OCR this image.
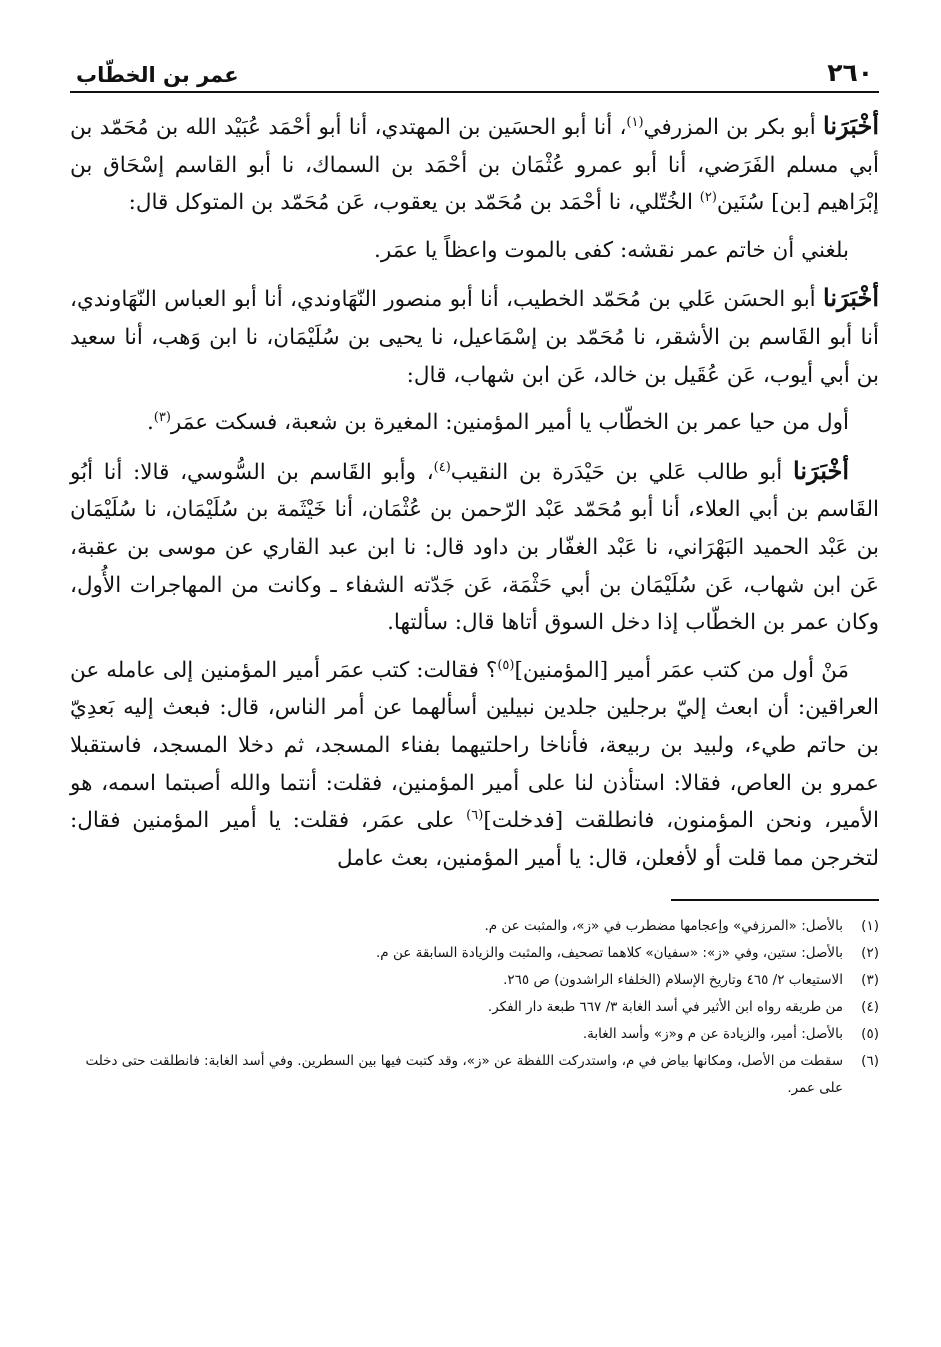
٢٦٠
عمر بن الخطّاب

أخْبَرَنا أبو بكر بن المزرفي$^{(١)}$، أنا أبو الحسَين بن المهتدي، أنا أبو أحْمَد عُبَيْد الله بن مُحَمّد بن أبي مسلم الفَرَضي، أنا أبو عمرو عُثْمَان بن أحْمَد بن السماك، نا أبو القاسم إسْحَاق بن إبْرَاهيم [بن] سُنَين$^{(٢)}$ الخُتّلي، نا أحْمَد بن مُحَمّد بن يعقوب، عَن مُحَمّد بن المتوكل قال:

بلغني أن خاتم عمر نقشه: كفى بالموت واعظاً يا عمَر.

أخْبَرَنا أبو الحسَن عَلي بن مُحَمّد الخطيب، أنا أبو منصور النّهَاوندي، أنا أبو العباس النّهَاوندي، أنا أبو القَاسم بن الأشقر، نا مُحَمّد بن إسْمَاعيل، نا يحيى بن سُلَيْمَان، نا ابن وَهب، أنا سعيد بن أبي أيوب، عَن عُقَيل بن خالد، عَن ابن شهاب، قال:

أول من حيا عمر بن الخطّاب يا أمير المؤمنين: المغيرة بن شعبة، فسكت عمَر$^{(٣)}$.

أخْبَرَنا أبو طالب عَلي بن حَيْدَرة بن النقيب$^{(٤)}$، وأبو القَاسم بن السُّوسي، قالا: أنا أبُو القَاسم بن أبي العلاء، أنا أبو مُحَمّد عَبْد الرّحمن بن عُثْمَان، أنا خَيْثَمة بن سُلَيْمَان، نا سُلَيْمَان بن عَبْد الحميد البَهْرَاني، نا عَبْد الغفّار بن داود قال: نا ابن عبد القاري عن موسى بن عقبة، عَن ابن شهاب، عَن سُلَيْمَان بن أبي حَثْمَة، عَن جَدّته الشفاء ـ وكانت من المهاجرات الأُول، وكان عمر بن الخطّاب إذا دخل السوق أتاها قال: سألتها.

مَنْ أول من كتب عمَر أمير [المؤمنين]$^{(٥)}$؟ فقالت: كتب عمَر أمير المؤمنين إلى عامله عن العراقين: أن ابعث إليّ برجلين جلدين نبيلين أسألهما عن أمر الناس، قال: فبعث إليه بَعدِيّ بن حاتم طيء، ولبيد بن ربيعة، فأناخا راحلتيهما بفناء المسجد، ثم دخلا المسجد، فاستقبلا عمرو بن العاص، فقالا: استأذن لنا على أمير المؤمنين، فقلت: أنتما والله أصبتما اسمه، هو الأمير، ونحن المؤمنون، فانطلقت [فدخلت]$^{(٦)}$ على عمَر، فقلت: يا أمير المؤمنين فقال: لتخرجن مما قلت أو لأفعلن، قال: يا أمير المؤمنين، بعث عامل

(١)
بالأصل: «المرزفي» وإعجامها مضطرب في «ز»، والمثبت عن م.
(٢)
بالأصل: ستين، وفي «ز»: «سفيان» كلاهما تصحيف، والمثبت والزيادة السابقة عن م.
(٣)
الاستيعاب ٢/ ٤٦٥ وتاريخ الإسلام (الخلفاء الراشدون) ص ٢٦٥.
(٤)
من طريقه رواه ابن الأثير في أسد الغابة ٣/ ٦٦٧ طبعة دار الفكر.
(٥)
بالأصل: أمير، والزيادة عن م و«ز» وأسد الغابة.
(٦)
سقطت من الأصل، ومكانها بياض في م، واستدركت اللفظة عن «ز»، وقد كتبت فيها بين السطرين. وفي أسد الغابة: فانطلقت حتى دخلت على عمر.
